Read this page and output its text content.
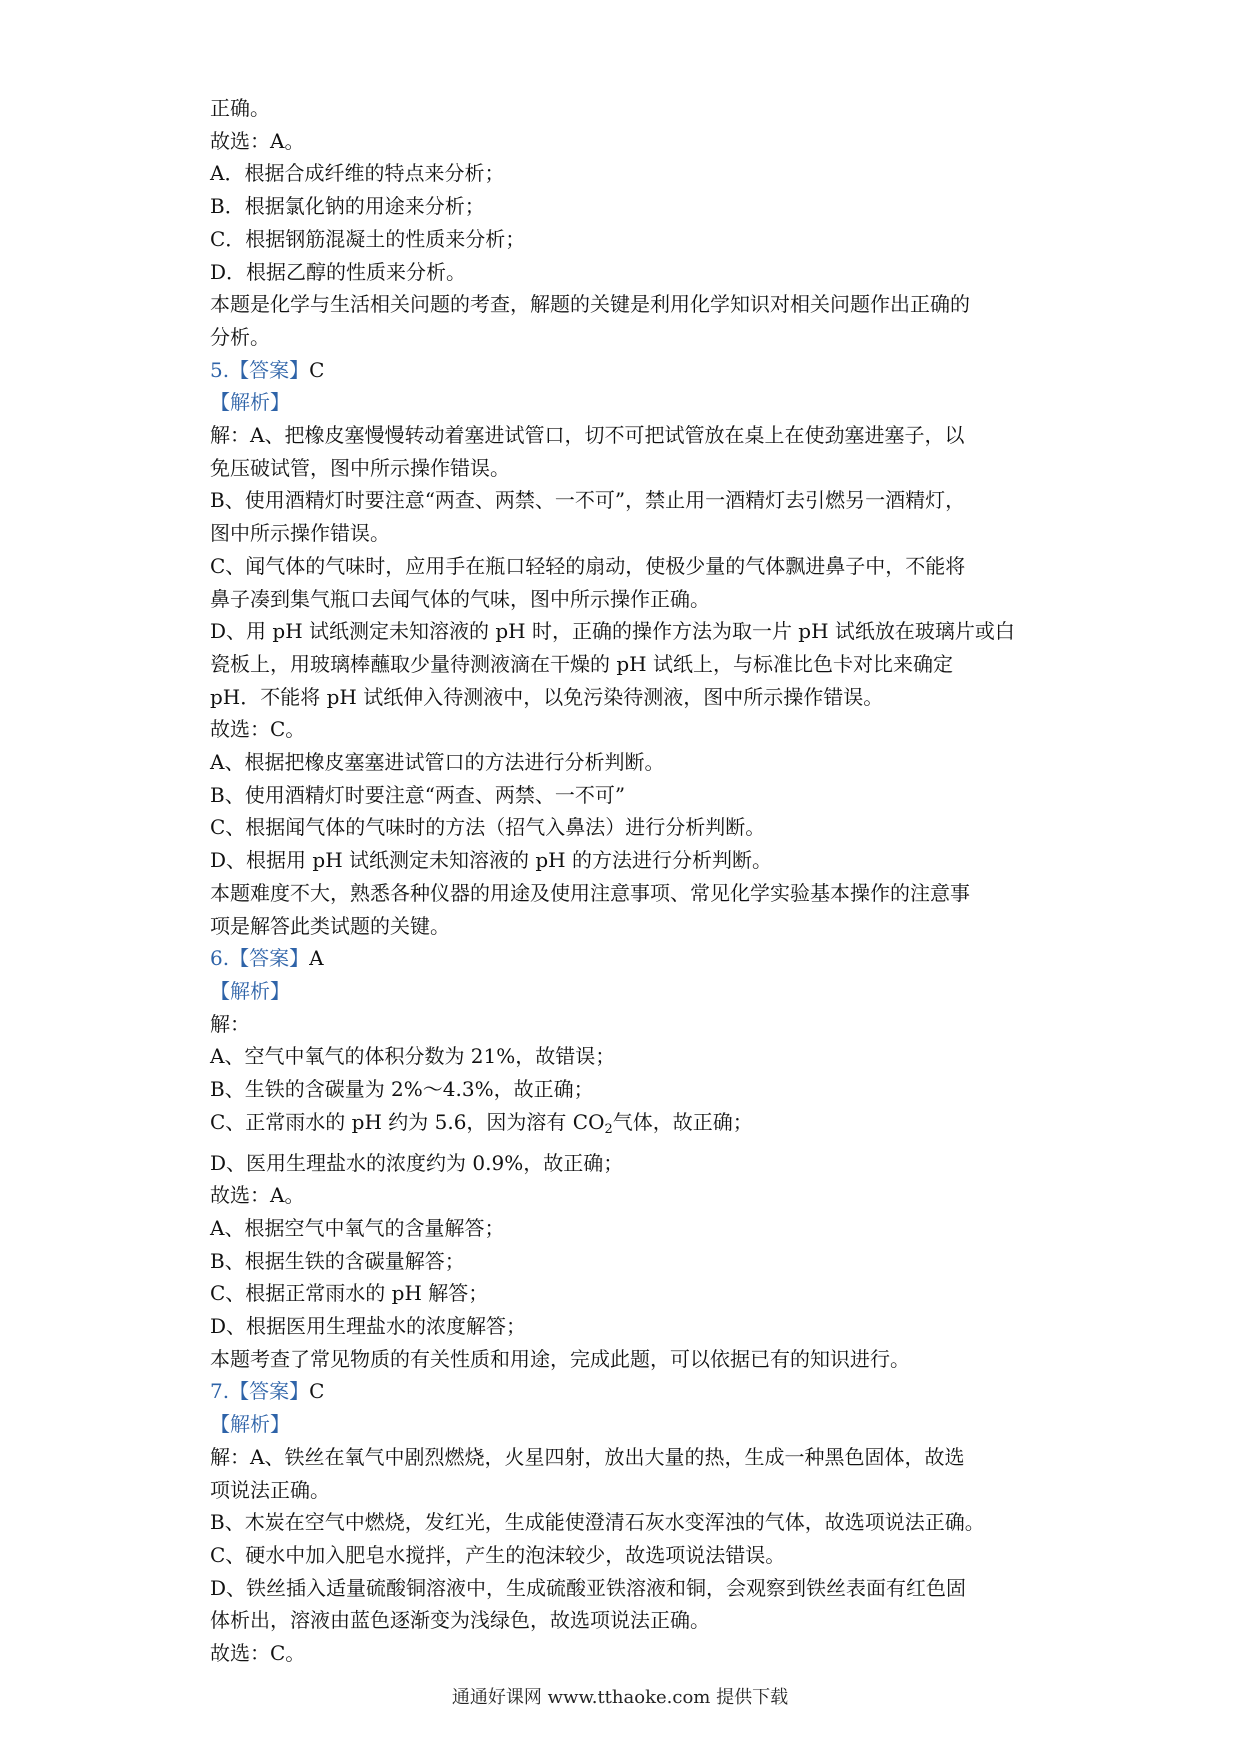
正确。
故选：A。
A．根据合成纤维的特点来分析；
B．根据氯化钠的用途来分析；
C．根据钢筋混凝土的性质来分析；
D．根据乙醇的性质来分析。
本题是化学与生活相关问题的考查，解题的关键是利用化学知识对相关问题作出正确的
分析。
5.【答案】C
【解析】
解：A、把橡皮塞慢慢转动着塞进试管口，切不可把试管放在桌上在使劲塞进塞子，以
免压破试管，图中所示操作错误。
B、使用酒精灯时要注意“两查、两禁、一不可”，禁止用一酒精灯去引燃另一酒精灯，
图中所示操作错误。
C、闻气体的气味时，应用手在瓶口轻轻的扇动，使极少量的气体飘进鼻子中，不能将
鼻子凑到集气瓶口去闻气体的气味，图中所示操作正确。
D、用 pH 试纸测定未知溶液的 pH 时，正确的操作方法为取一片 pH 试纸放在玻璃片或白
瓷板上，用玻璃棒蘸取少量待测液滴在干燥的 pH 试纸上，与标准比色卡对比来确定
pH．不能将 pH 试纸伸入待测液中，以免污染待测液，图中所示操作错误。
故选：C。
A、根据把橡皮塞塞进试管口的方法进行分析判断。
B、使用酒精灯时要注意“两查、两禁、一不可”
C、根据闻气体的气味时的方法（招气入鼻法）进行分析判断。
D、根据用 pH 试纸测定未知溶液的 pH 的方法进行分析判断。
本题难度不大，熟悉各种仪器的用途及使用注意事项、常见化学实验基本操作的注意事
项是解答此类试题的关键。
6.【答案】A
【解析】
解：
A、空气中氧气的体积分数为 21%，故错误；
B、生铁的含碳量为 2%～4.3%，故正确；
C、正常雨水的 pH 约为 5.6，因为溶有 $CO_2$气体，故正确；
D、医用生理盐水的浓度约为 0.9%，故正确；
故选：A。
A、根据空气中氧气的含量解答；
B、根据生铁的含碳量解答；
C、根据正常雨水的 pH 解答；
D、根据医用生理盐水的浓度解答；
本题考查了常见物质的有关性质和用途，完成此题，可以依据已有的知识进行。
7.【答案】C
【解析】
解：A、铁丝在氧气中剧烈燃烧，火星四射，放出大量的热，生成一种黑色固体，故选
项说法正确。
B、木炭在空气中燃烧，发红光，生成能使澄清石灰水变浑浊的气体，故选项说法正确。
C、硬水中加入肥皂水搅拌，产生的泡沫较少，故选项说法错误。
D、铁丝插入适量硫酸铜溶液中，生成硫酸亚铁溶液和铜，会观察到铁丝表面有红色固
体析出，溶液由蓝色逐渐变为浅绿色，故选项说法正确。
故选：C。
通通好课网 www.tthaoke.com 提供下载
